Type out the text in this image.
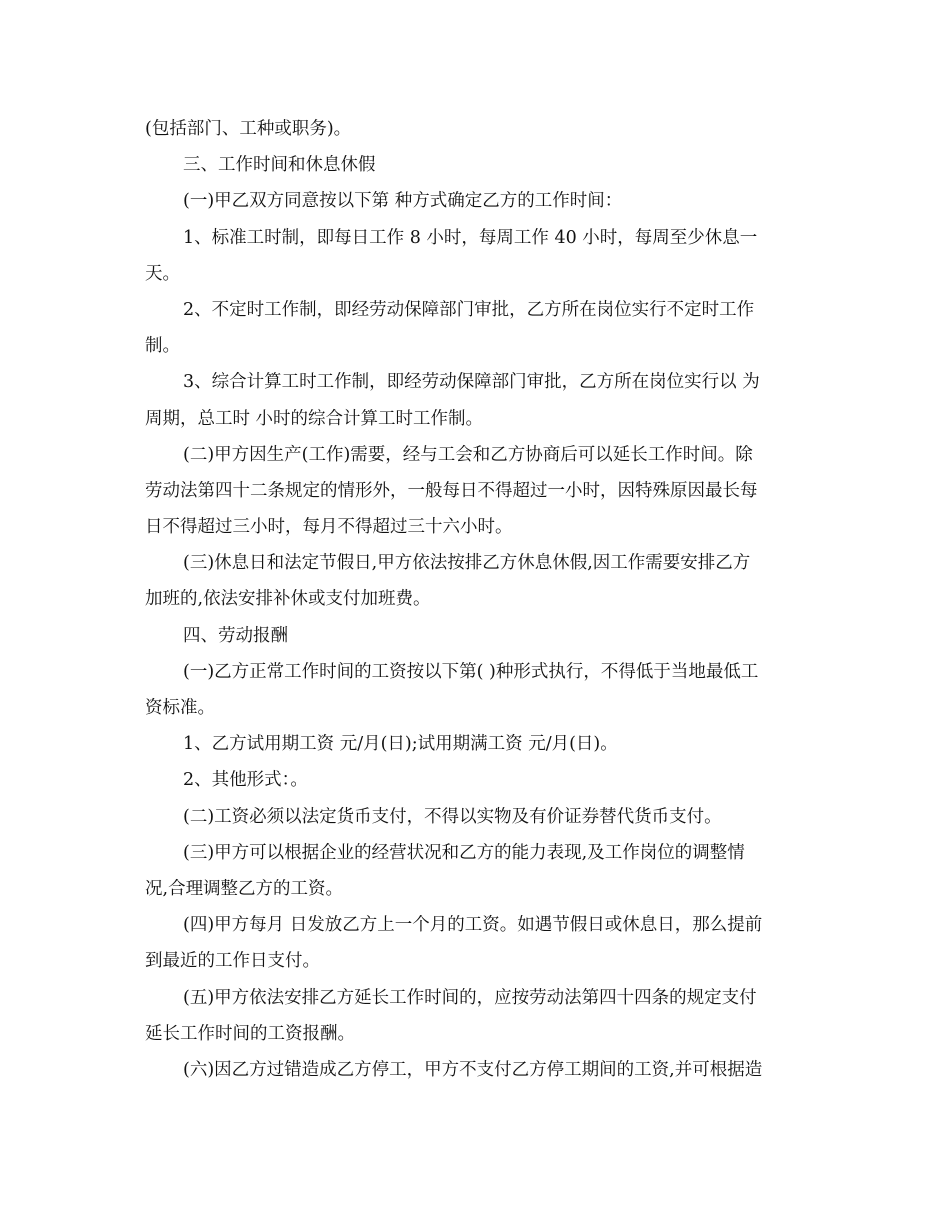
(包括部门、工种或职务)。
三、工作时间和休息休假
(一)甲乙双方同意按以下第 种方式确定乙方的工作时间：
1、标准工时制，即每日工作 8 小时，每周工作 40 小时，每周至少休息一
天。
2、不定时工作制，即经劳动保障部门审批，乙方所在岗位实行不定时工作
制。
3、综合计算工时工作制，即经劳动保障部门审批，乙方所在岗位实行以 为
周期，总工时 小时的综合计算工时工作制。
(二)甲方因生产(工作)需要，经与工会和乙方协商后可以延长工作时间。除
劳动法第四十二条规定的情形外，一般每日不得超过一小时，因特殊原因最长每
日不得超过三小时，每月不得超过三十六小时。
(三)休息日和法定节假日,甲方依法按排乙方休息休假,因工作需要安排乙方
加班的,依法安排补休或支付加班费。
四、劳动报酬
(一)乙方正常工作时间的工资按以下第( )种形式执行，不得低于当地最低工
资标准。
1、乙方试用期工资 元/月(日);试用期满工资 元/月(日)。
2、其他形式：。
(二)工资必须以法定货币支付，不得以实物及有价证券替代货币支付。
(三)甲方可以根据企业的经营状况和乙方的能力表现,及工作岗位的调整情
况,合理调整乙方的工资。
(四)甲方每月 日发放乙方上一个月的工资。如遇节假日或休息日，那么提前
到最近的工作日支付。
(五)甲方依法安排乙方延长工作时间的，应按劳动法第四十四条的规定支付
延长工作时间的工资报酬。
(六)因乙方过错造成乙方停工，甲方不支付乙方停工期间的工资,并可根据造
